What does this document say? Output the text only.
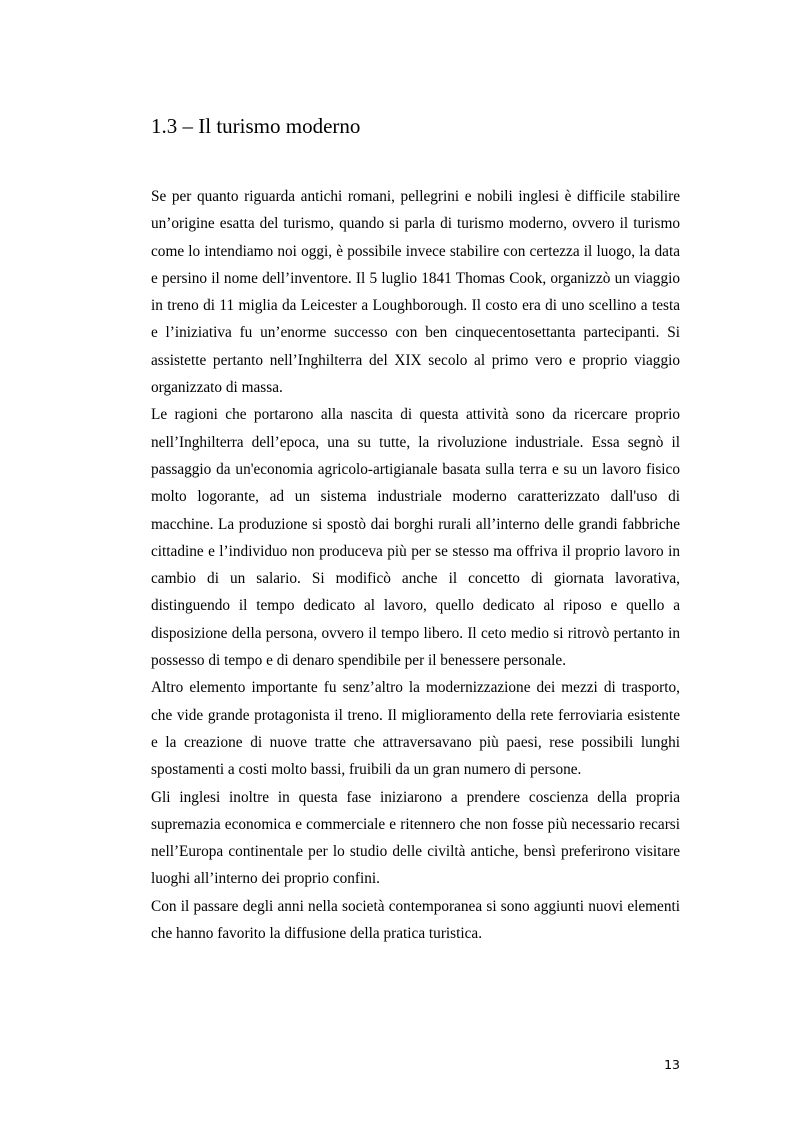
1.3 – Il turismo moderno

Se per quanto riguarda antichi romani, pellegrini e nobili inglesi è difficile stabilire un’origine esatta del turismo, quando si parla di turismo moderno, ovvero il turismo come lo intendiamo noi oggi, è possibile invece stabilire con certezza il luogo, la data e persino il nome dell’inventore. Il 5 luglio 1841 Thomas Cook, organizzò un viaggio in treno di 11 miglia da Leicester a Loughborough. Il costo era di uno scellino a testa e l’iniziativa fu un’enorme successo con ben cinquecentosettanta partecipanti. Si assistette pertanto nell’Inghilterra del XIX secolo al primo vero e proprio viaggio organizzato di massa.

Le ragioni che portarono alla nascita di questa attività sono da ricercare proprio nell’Inghilterra dell’epoca, una su tutte, la rivoluzione industriale. Essa segnò il passaggio da un'economia agricolo-artigianale basata sulla terra e su un lavoro fisico molto logorante, ad un sistema industriale moderno caratterizzato dall'uso di macchine. La produzione si spostò dai borghi rurali all’interno delle grandi fabbriche cittadine e l’individuo non produceva più per se stesso ma offriva il proprio lavoro in cambio di un salario. Si modificò anche il concetto di giornata lavorativa, distinguendo il tempo dedicato al lavoro, quello dedicato al riposo e quello a disposizione della persona, ovvero il tempo libero. Il ceto medio si ritrovò pertanto in possesso di tempo e di denaro spendibile per il benessere personale.

Altro elemento importante fu senz’altro la modernizzazione dei mezzi di trasporto, che vide grande protagonista il treno. Il miglioramento della rete ferroviaria esistente e la creazione di nuove tratte che attraversavano più paesi, rese possibili lunghi spostamenti a costi molto bassi, fruibili da un gran numero di persone.

Gli inglesi inoltre in questa fase iniziarono a prendere coscienza della propria supremazia economica e commerciale e ritennero che non fosse più necessario recarsi nell’Europa continentale per lo studio delle civiltà antiche, bensì preferirono visitare luoghi all’interno dei proprio confini.

Con il passare degli anni nella società contemporanea si sono aggiunti nuovi elementi che hanno favorito la diffusione della pratica turistica.

13
